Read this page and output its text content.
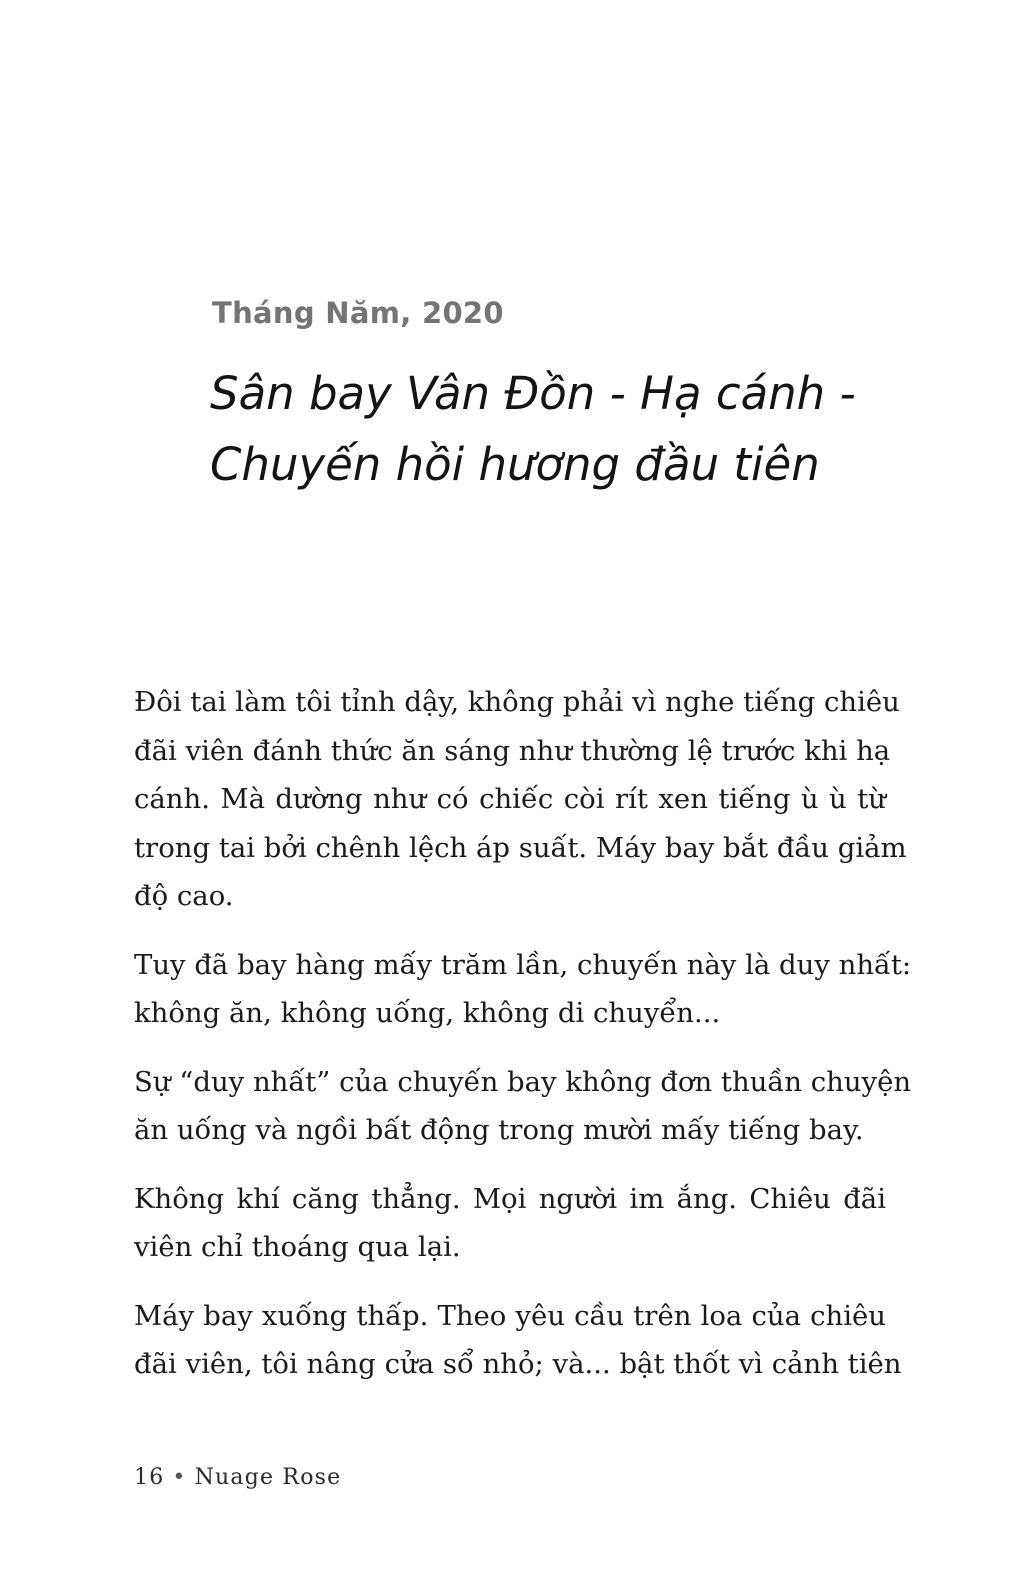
Tháng Năm, 2020
Sân bay Vân Đồn - Hạ cánh -
Chuyến hồi hương đầu tiên
Đôi tai làm tôi tỉnh dậy, không phải vì nghe tiếng chiêu
đãi viên đánh thức ăn sáng như thường lệ trước khi hạ
cánh. Mà dường như có chiếc còi rít xen tiếng ù ù từ
trong tai bởi chênh lệch áp suất. Máy bay bắt đầu giảm
độ cao.
Tuy đã bay hàng mấy trăm lần, chuyến này là duy nhất:
không ăn, không uống, không di chuyển...
Sự “duy nhất” của chuyến bay không đơn thuần chuyện
ăn uống và ngồi bất động trong mười mấy tiếng bay.
Không khí căng thẳng. Mọi người im ắng. Chiêu đãi
viên chỉ thoáng qua lại.
Máy bay xuống thấp. Theo yêu cầu trên loa của chiêu
đãi viên, tôi nâng cửa sổ nhỏ; và... bật thốt vì cảnh tiên
16 • Nuage Rose
